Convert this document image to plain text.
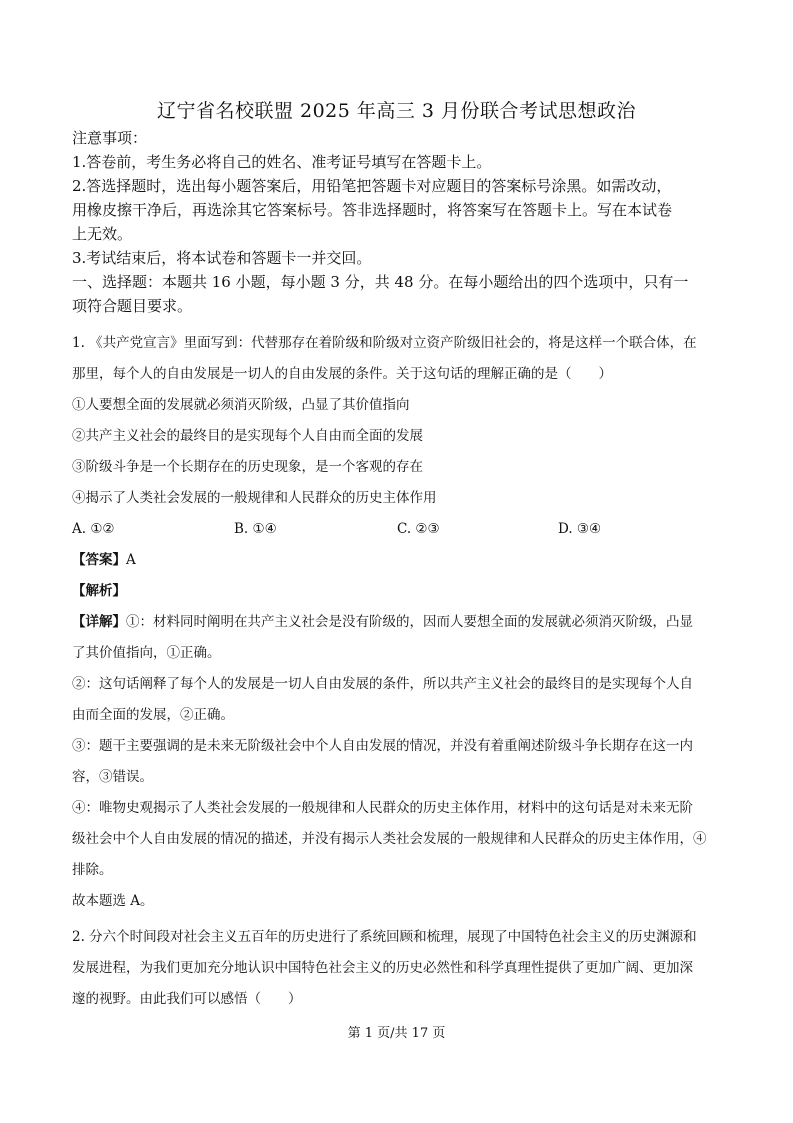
辽宁省名校联盟 2025 年高三 3 月份联合考试思想政治
注意事项：
1.答卷前，考生务必将自己的姓名、准考证号填写在答题卡上。
2.答选择题时，选出每小题答案后，用铅笔把答题卡对应题目的答案标号涂黑。如需改动，
用橡皮擦干净后，再选涂其它答案标号。答非选择题时，将答案写在答题卡上。写在本试卷
上无效。
3.考试结束后，将本试卷和答题卡一并交回。
一、选择题：本题共 16 小题，每小题 3 分，共 48 分。在每小题给出的四个选项中，只有一
项符合题目要求。
1. 《共产党宣言》里面写到：代替那存在着阶级和阶级对立资产阶级旧社会的，将是这样一个联合体，在
那里，每个人的自由发展是一切人的自由发展的条件。关于这句话的理解正确的是（　　）
①人要想全面的发展就必须消灭阶级，凸显了其价值指向
②共产主义社会的最终目的是实现每个人自由而全面的发展
③阶级斗争是一个长期存在的历史现象，是一个客观的存在
④揭示了人类社会发展的一般规律和人民群众的历史主体作用
A. ①②	B. ①④	C. ②③	D. ③④
【答案】A
【解析】
【详解】①：材料同时阐明在共产主义社会是没有阶级的，因而人要想全面的发展就必须消灭阶级，凸显
了其价值指向，①正确。
②：这句话阐释了每个人的发展是一切人自由发展的条件，所以共产主义社会的最终目的是实现每个人自
由而全面的发展，②正确。
③：题干主要强调的是未来无阶级社会中个人自由发展的情况，并没有着重阐述阶级斗争长期存在这一内
容，③错误。
④：唯物史观揭示了人类社会发展的一般规律和人民群众的历史主体作用，材料中的这句话是对未来无阶
级社会中个人自由发展的情况的描述，并没有揭示人类社会发展的一般规律和人民群众的历史主体作用，④
排除。
故本题选 A。
2. 分六个时间段对社会主义五百年的历史进行了系统回顾和梳理，展现了中国特色社会主义的历史渊源和
发展进程，为我们更加充分地认识中国特色社会主义的历史必然性和科学真理性提供了更加广阔、更加深
邃的视野。由此我们可以感悟（　　）
第 1 页/共 17 页
